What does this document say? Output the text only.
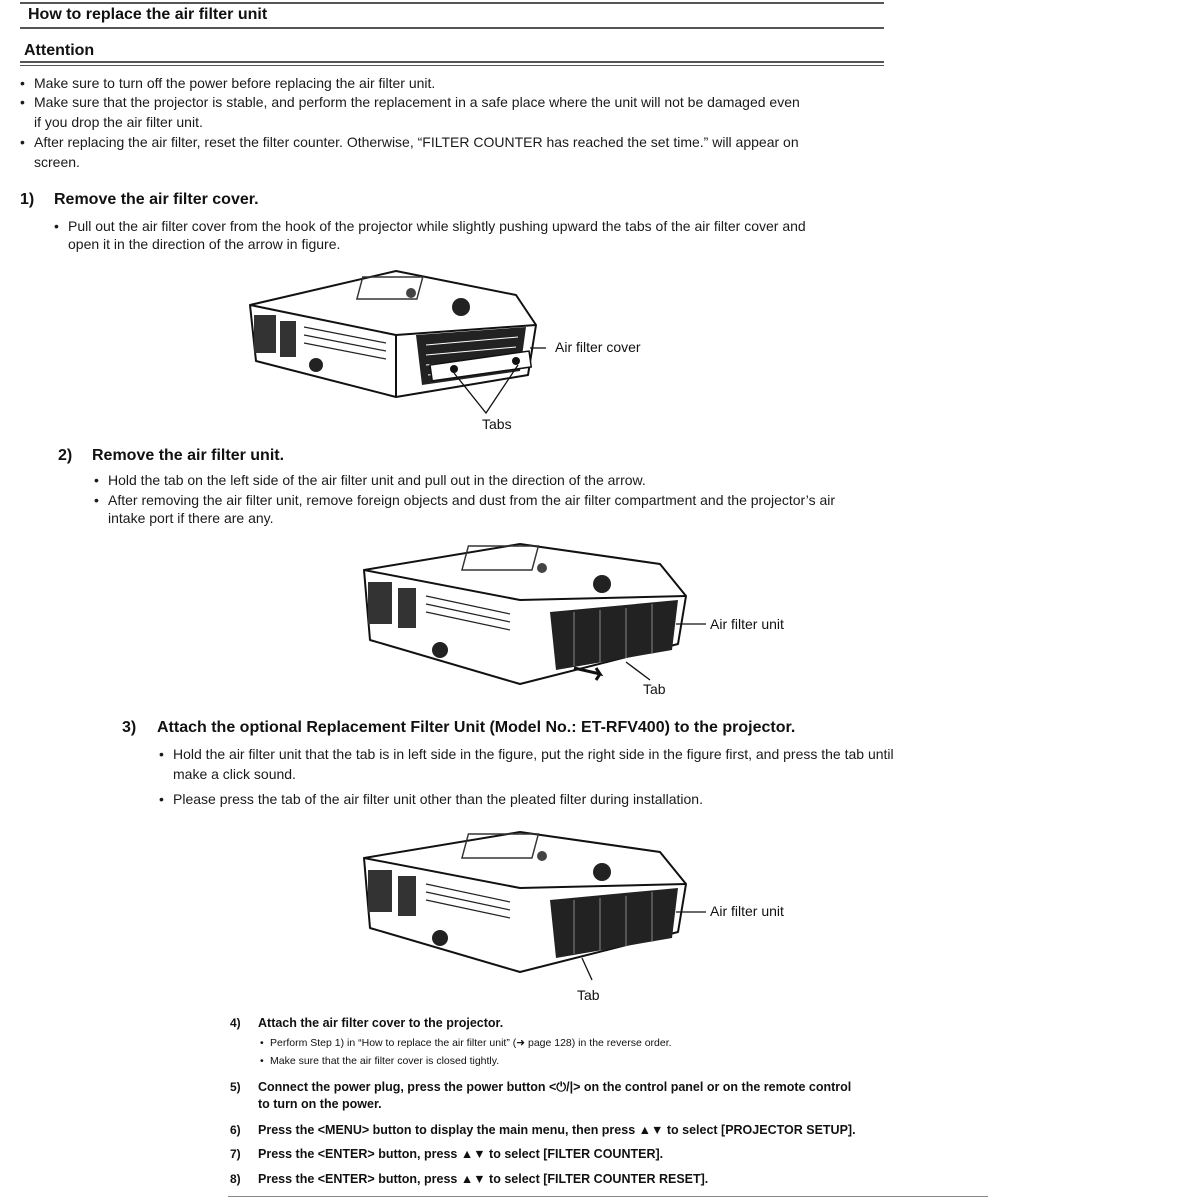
How to replace the air filter unit
Attention
• Make sure to turn off the power before replacing the air filter unit.
• Make sure that the projector is stable, and perform the replacement in a safe place where the unit will not be damaged even
if you drop the air filter unit.
• After replacing the air filter, reset the filter counter. Otherwise, “FILTER COUNTER has reached the set time.” will appear on
screen.
1) Remove the air filter cover.
• Pull out the air filter cover from the hook of the projector while slightly pushing upward the tabs of the air filter cover and
open it in the direction of the arrow in figure.
Air filter cover
Tabs
2) Remove the air filter unit.
• Hold the tab on the left side of the air filter unit and pull out in the direction of the arrow.
• After removing the air filter unit, remove foreign objects and dust from the air filter compartment and the projector’s air
intake port if there are any.
Air filter unit
Tab
3) Attach the optional Replacement Filter Unit (Model No.: ET-RFV400) to the projector.
• Hold the air filter unit that the tab is in left side in the figure, put the right side in the figure first, and press the tab until
make a click sound.
• Please press the tab of the air filter unit other than the pleated filter during installation.
Air filter unit
Tab
4) Attach the air filter cover to the projector.
• Perform Step 1) in “How to replace the air filter unit” (➜ page 128) in the reverse order.
• Make sure that the air filter cover is closed tightly.
5) Connect the power plug, press the power button <⏻/|> on the control panel or on the remote control
to turn on the power.
6) Press the <MENU> button to display the main menu, then press ▲▼ to select [PROJECTOR SETUP].
7) Press the <ENTER> button, press ▲▼ to select [FILTER COUNTER].
8) Press the <ENTER> button, press ▲▼ to select [FILTER COUNTER RESET].
